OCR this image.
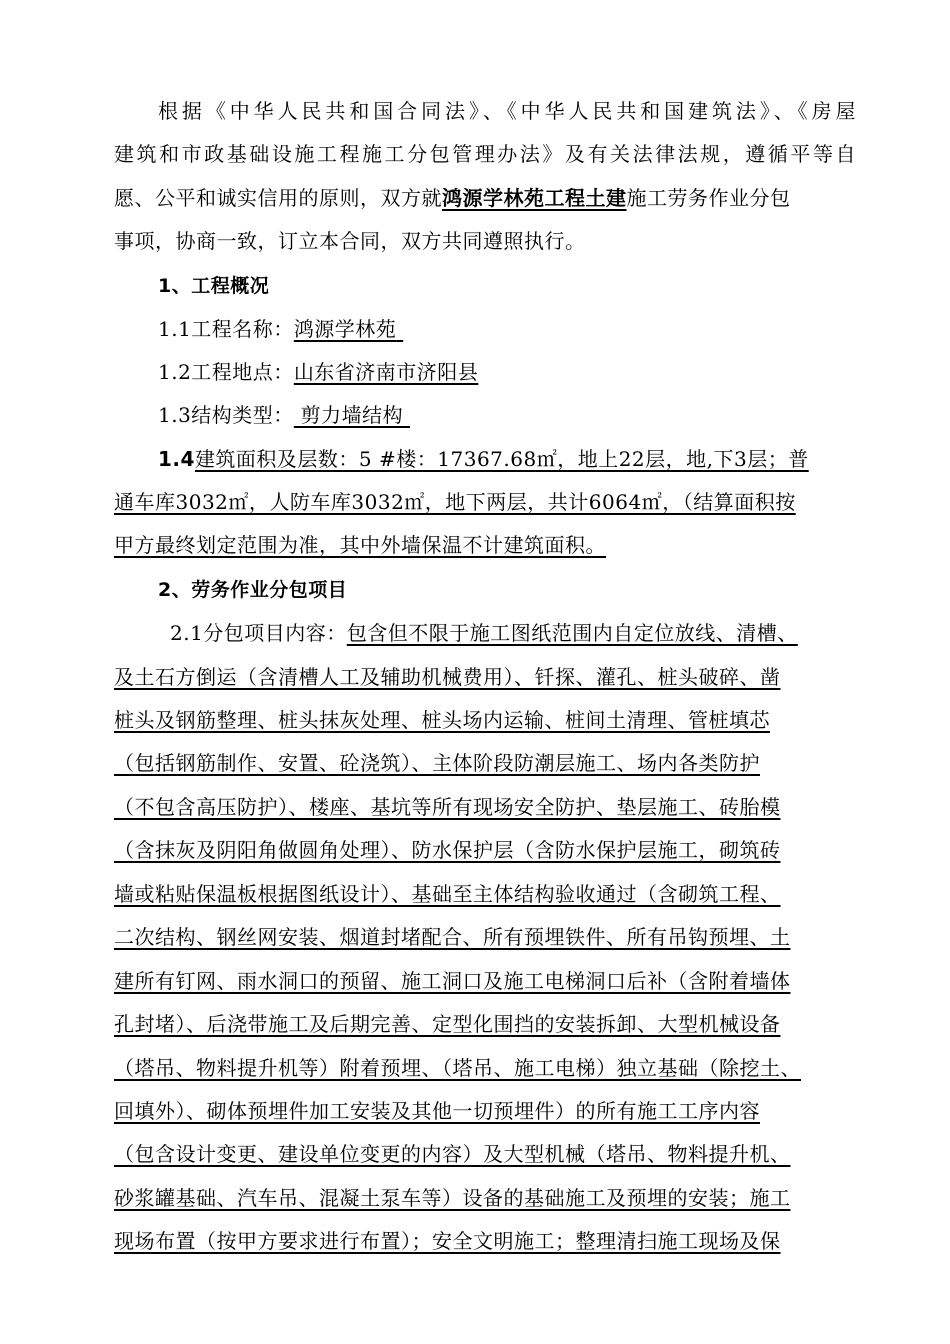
根据《中华人民共和国合同法》、《中华人民共和国建筑法》、《房屋
建筑和市政基础设施工程施工分包管理办法》及有关法律法规，遵循平等自
愿、公平和诚实信用的原则，双方就鸿源学林苑工程土建施工劳务作业分包
事项，协商一致，订立本合同，双方共同遵照执行。
1、工程概况
1.1工程名称：鸿源学林苑
1.2工程地点：山东省济南市济阳县
1.3结构类型： 剪力墙结构
1.4建筑面积及层数：5 #楼：17367.68㎡，地上22层，地,下3层；普
通车库3032㎡，人防车库3032㎡，地下两层，共计6064㎡，（结算面积按
甲方最终划定范围为准，其中外墙保温不计建筑面积。
2、劳务作业分包项目
2.1分包项目内容：包含但不限于施工图纸范围内自定位放线、清槽、
及土石方倒运（含清槽人工及辅助机械费用）、钎探、灌孔、桩头破碎、凿
桩头及钢筋整理、桩头抹灰处理、桩头场内运输、桩间土清理、管桩填芯
（包括钢筋制作、安置、砼浇筑）、主体阶段防潮层施工、场内各类防护
（不包含高压防护）、楼座、基坑等所有现场安全防护、垫层施工、砖胎模
（含抹灰及阴阳角做圆角处理）、防水保护层（含防水保护层施工，砌筑砖
墙或粘贴保温板根据图纸设计）、基础至主体结构验收通过（含砌筑工程、
二次结构、钢丝网安装、烟道封堵配合、所有预埋铁件、所有吊钩预埋、土
建所有钉网、雨水洞口的预留、施工洞口及施工电梯洞口后补（含附着墙体
孔封堵）、后浇带施工及后期完善、定型化围挡的安装拆卸、大型机械设备
（塔吊、物料提升机等）附着预埋、（塔吊、施工电梯）独立基础（除挖土、
回填外）、砌体预埋件加工安装及其他一切预埋件）的所有施工工序内容
（包含设计变更、建设单位变更的内容）及大型机械（塔吊、物料提升机、
砂浆罐基础、汽车吊、混凝土泵车等）设备的基础施工及预埋的安装；施工
现场布置（按甲方要求进行布置）；安全文明施工；整理清扫施工现场及保
